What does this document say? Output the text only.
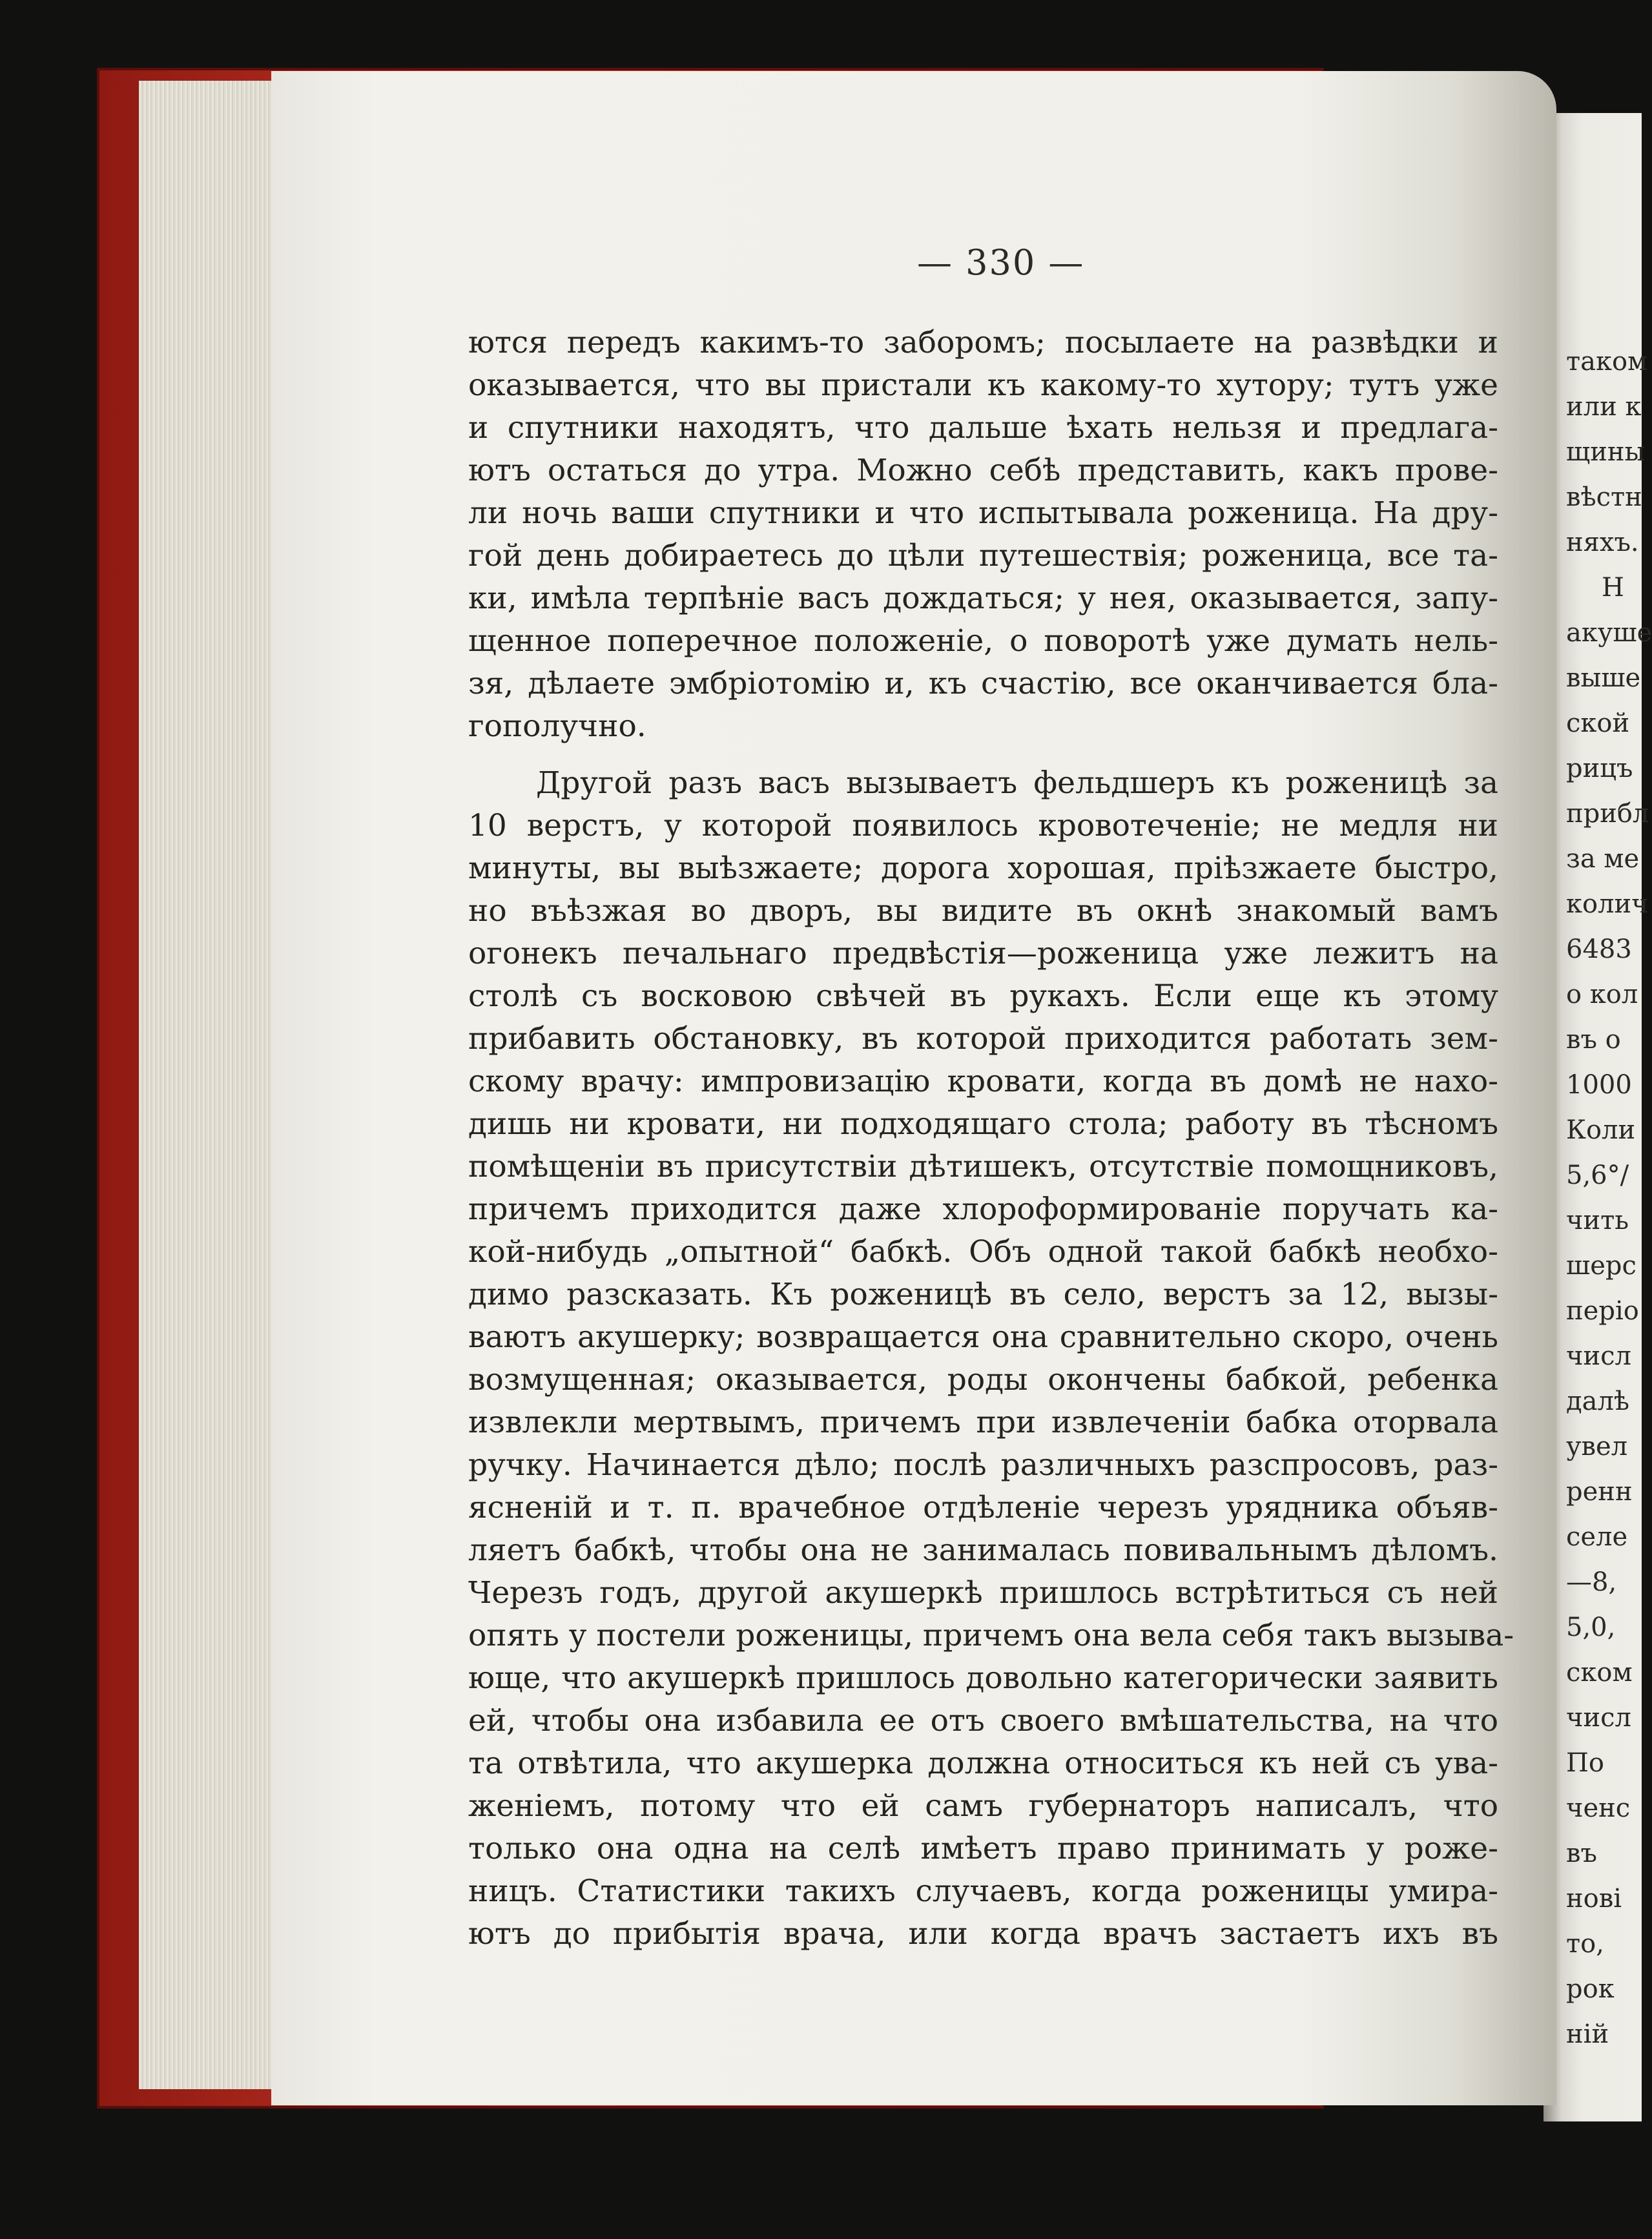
— 330 —
ются передъ какимъ-то заборомъ; посылаете на развѣдки и
оказывается, что вы пристали къ какому-то хутору; тутъ уже
и спутники находятъ, что дальше ѣхать нельзя и предлага-
ютъ остаться до утра. Можно себѣ представить, какъ прове-
ли ночь ваши спутники и что испытывала роженица. На дру-
гой день добираетесь до цѣли путешествія; роженица, все та-
ки, имѣла терпѣніе васъ дождаться; у нея, оказывается, запу-
щенное поперечное положеніе, о поворотѣ уже думать нель-
зя, дѣлаете эмбріотомію и, къ счастію, все оканчивается бла-
гополучно.
Другой разъ васъ вызываетъ фельдшеръ къ роженицѣ за
10 верстъ, у которой появилось кровотеченіе; не медля ни
минуты, вы выѣзжаете; дорога хорошая, пріѣзжаете быстро,
но въѣзжая во дворъ, вы видите въ окнѣ знакомый вамъ
огонекъ печальнаго предвѣстія—роженица уже лежитъ на
столѣ съ восковою свѣчей въ рукахъ. Если еще къ этому
прибавить обстановку, въ которой приходится работать зем-
скому врачу: импровизацію кровати, когда въ домѣ не нахо-
дишь ни кровати, ни подходящаго стола; работу въ тѣсномъ
помѣщеніи въ присутствіи дѣтишекъ, отсутствіе помощниковъ,
причемъ приходится даже хлороформированіе поручать ка-
кой-нибудь „опытной“ бабкѣ. Объ одной такой бабкѣ необхо-
димо разсказать. Къ роженицѣ въ село, верстъ за 12, вызы-
ваютъ акушерку; возвращается она сравнительно скоро, очень
возмущенная; оказывается, роды окончены бабкой, ребенка
извлекли мертвымъ, причемъ при извлеченіи бабка оторвала
ручку. Начинается дѣло; послѣ различныхъ разспросовъ, раз-
ясненій и т. п. врачебное отдѣленіе черезъ урядника объяв-
ляетъ бабкѣ, чтобы она не занималась повивальнымъ дѣломъ.
Черезъ годъ, другой акушеркѣ пришлось встрѣтиться съ ней
опять у постели роженицы, причемъ она вела себя такъ вызыва-
юще, что акушеркѣ пришлось довольно категорически заявить
ей, чтобы она избавила ее отъ своего вмѣшательства, на что
та отвѣтила, что акушерка должна относиться къ ней съ ува-
женіемъ, потому что ей самъ губернаторъ написалъ, что
только она одна на селѣ имѣетъ право принимать у роже-
ницъ. Статистики такихъ случаевъ, когда роженицы умира-
ютъ до прибытія врача, или когда врачъ застаетъ ихъ въ
таком
или к
щины
вѣстн
няхъ.
Н
акуше
выше
ской
рицъ
прибл
за ме
колич
6483
о кол
въ о
1000
Коли
5,6°/
чить
шерс
періо
числ
далѣ
увел
ренн
селе
—8,
5,0,
ском
числ
По
ченс
въ
нові
то,
рок
ній
